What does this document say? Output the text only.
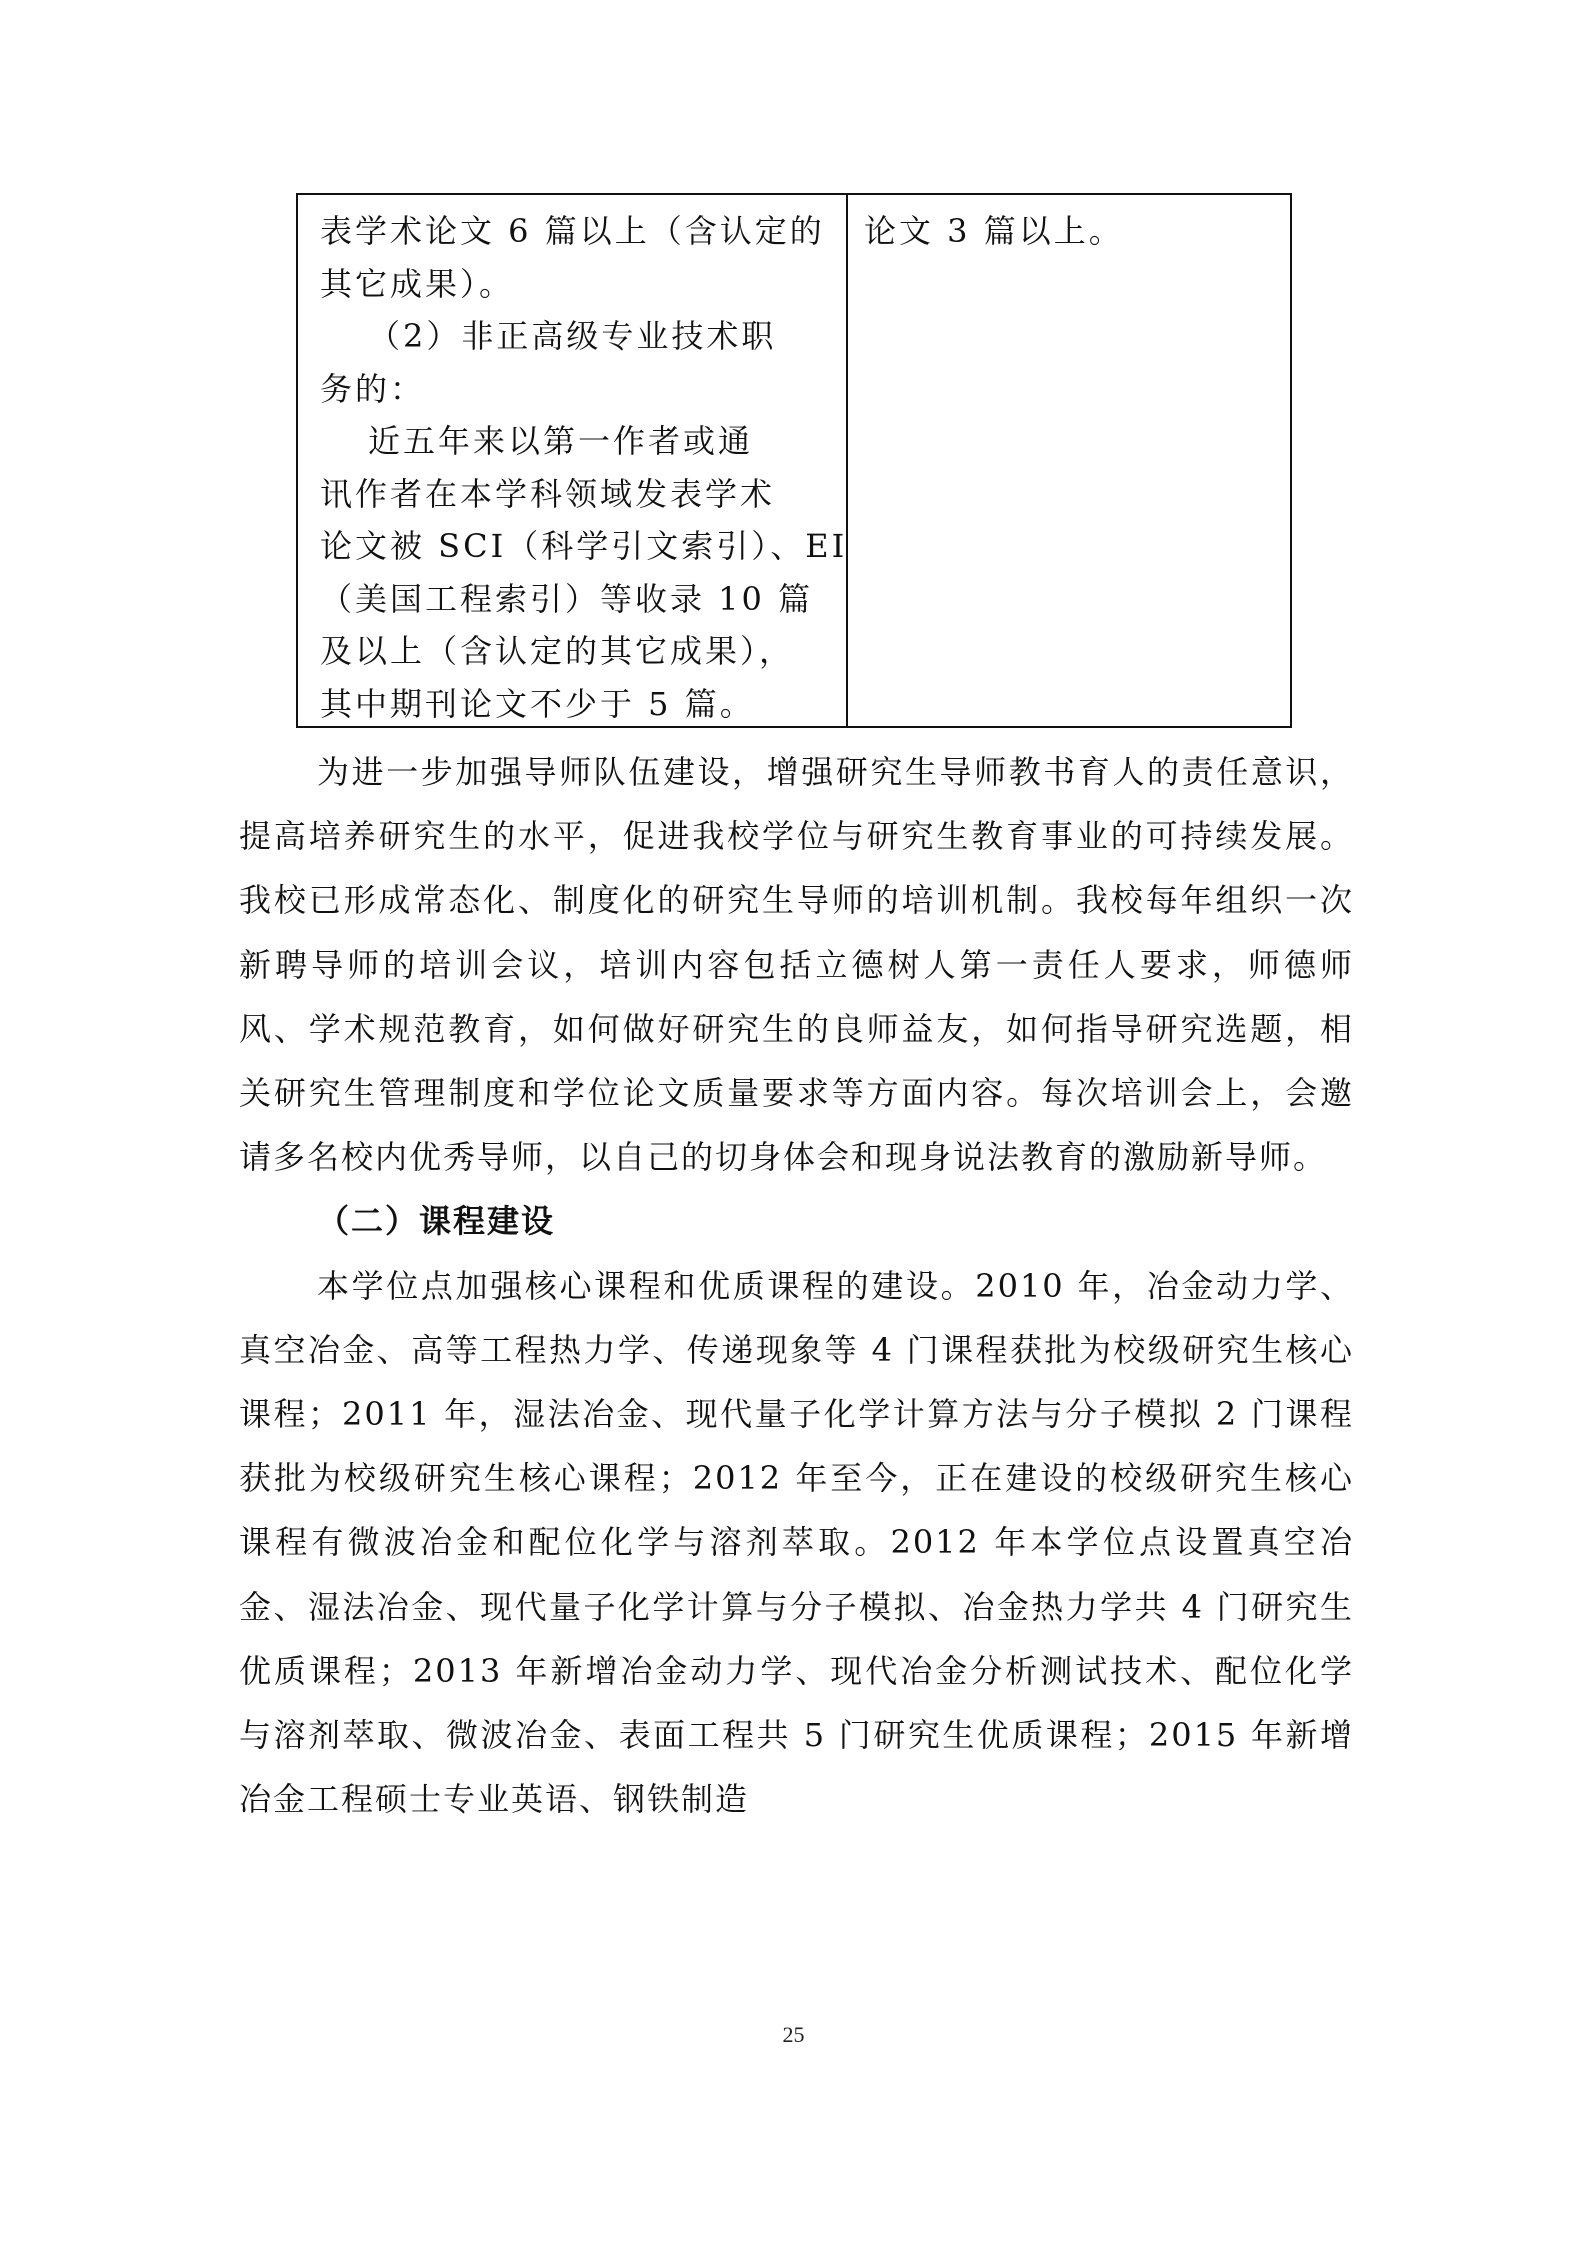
表学术论文 6 篇以上（含认定的
其它成果）。
（2）非正高级专业技术职
务的：
近五年来以第一作者或通
讯作者在本学科领域发表学术
论文被 SCI（科学引文索引）、EI
（美国工程索引）等收录 10 篇
及以上（含认定的其它成果），
其中期刊论文不少于 5 篇。
论文 3 篇以上。

为进一步加强导师队伍建设，增强研究生导师教书育人的责任意识，提高培养研究生的水平，促进我校学位与研究生教育事业的可持续发展。我校已形成常态化、制度化的研究生导师的培训机制。我校每年组织一次新聘导师的培训会议，培训内容包括立德树人第一责任人要求，师德师风、学术规范教育，如何做好研究生的良师益友，如何指导研究选题，相关研究生管理制度和学位论文质量要求等方面内容。每次培训会上，会邀请多名校内优秀导师，以自己的切身体会和现身说法教育的激励新导师。

（二）课程建设

本学位点加强核心课程和优质课程的建设。2010 年，冶金动力学、真空冶金、高等工程热力学、传递现象等 4 门课程获批为校级研究生核心课程；2011 年，湿法冶金、现代量子化学计算方法与分子模拟 2 门课程获批为校级研究生核心课程；2012 年至今，正在建设的校级研究生核心课程有微波冶金和配位化学与溶剂萃取。2012 年本学位点设置真空冶金、湿法冶金、现代量子化学计算与分子模拟、冶金热力学共 4 门研究生优质课程；2013 年新增冶金动力学、现代冶金分析测试技术、配位化学与溶剂萃取、微波冶金、表面工程共 5 门研究生优质课程；2015 年新增冶金工程硕士专业英语、钢铁制造

25
